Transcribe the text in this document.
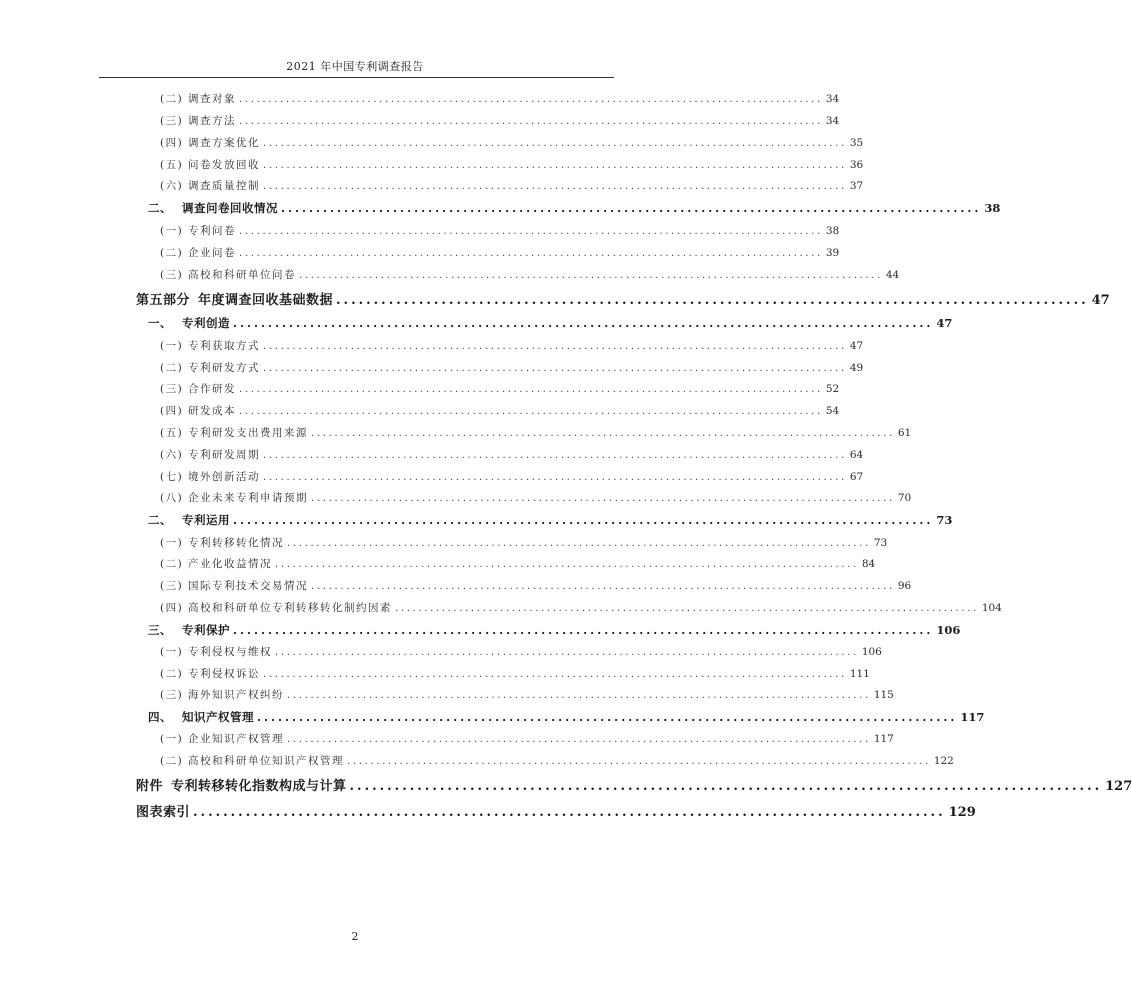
2021 年中国专利调查报告
(二) 调查对象 .................................................................................................... 34
(三) 调查方法 .................................................................................................... 34
(四) 调查方案优化 .................................................................................................... 35
(五) 问卷发放回收 .................................................................................................... 36
(六) 调查质量控制 .................................................................................................... 37
二、 调查问卷回收情况 .................................................................................................... 38
(一) 专利问卷 .................................................................................................... 38
(二) 企业问卷 .................................................................................................... 39
(三) 高校和科研单位问卷 .................................................................................................... 44
第五部分 年度调查回收基础数据 .................................................................................................... 47
一、 专利创造 .................................................................................................... 47
(一) 专利获取方式 .................................................................................................... 47
(二) 专利研发方式 .................................................................................................... 49
(三) 合作研发 .................................................................................................... 52
(四) 研发成本 .................................................................................................... 54
(五) 专利研发支出费用来源 .................................................................................................... 61
(六) 专利研发周期 .................................................................................................... 64
(七) 境外创新活动 .................................................................................................... 67
(八) 企业未来专利申请预期 .................................................................................................... 70
二、 专利运用 .................................................................................................... 73
(一) 专利转移转化情况 .................................................................................................... 73
(二) 产业化收益情况 .................................................................................................... 84
(三) 国际专利技术交易情况 .................................................................................................... 96
(四) 高校和科研单位专利转移转化制约因素 .................................................................................................... 104
三、 专利保护 .................................................................................................... 106
(一) 专利侵权与维权 .................................................................................................... 106
(二) 专利侵权诉讼 .................................................................................................... 111
(三) 海外知识产权纠纷 .................................................................................................... 115
四、 知识产权管理 .................................................................................................... 117
(一) 企业知识产权管理 .................................................................................................... 117
(二) 高校和科研单位知识产权管理 .................................................................................................... 122
附件 专利转移转化指数构成与计算 .................................................................................................... 127
图表索引 .................................................................................................... 129
2
